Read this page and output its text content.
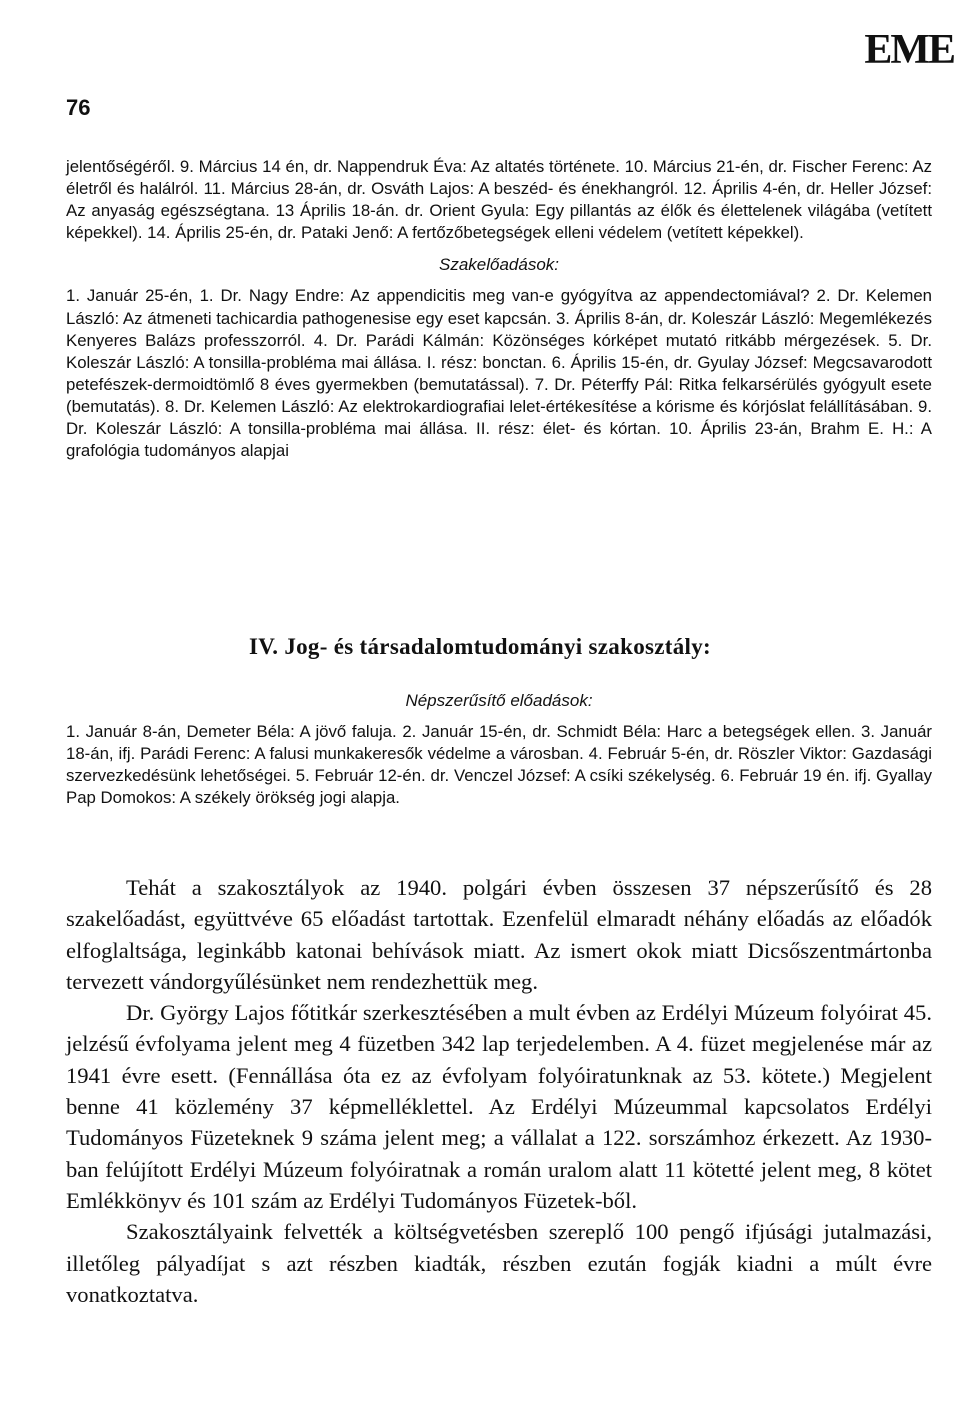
EME
76

jelentőségéről. 9. Március 14 én, dr. Nappendruk Éva: Az altatés története. 10. Március 21-én, dr. Fischer Ferenc: Az életről és halálról. 11. Március 28-án, dr. Osváth Lajos: A beszéd- és énekhangról. 12. Április 4-én, dr. Heller József: Az anyaság egészségtana. 13 Április 18-án. dr. Orient Gyula: Egy pillantás az élők és élettelenek világába (vetített képekkel). 14. Április 25-én, dr. Pataki Jenő: A fertőzőbetegségek elleni védelem (vetített képekkel).

Szakelőadások:

1. Január 25-én, 1. Dr. Nagy Endre: Az appendicitis meg van-e gyógyítva az appendectomiával? 2. Dr. Kelemen László: Az átmeneti tachicardia pathogenesise egy eset kapcsán. 3. Április 8-án, dr. Koleszár László: Megemlékezés Kenyeres Balázs professzorról. 4. Dr. Parádi Kálmán: Közönséges kórképet mutató ritkább mérgezések. 5. Dr. Koleszár László: A tonsilla-probléma mai állása. I. rész: bonctan. 6. Április 15-én, dr. Gyulay József: Megcsavarodott petefészek-dermoidtömlő 8 éves gyermekben (bemutatással). 7. Dr. Péterffy Pál: Ritka felkarsérülés gyógyult esete (bemutatás). 8. Dr. Kelemen László: Az elektrokardiografiai lelet-értékesítése a kórisme és kórjóslat felállításában. 9. Dr. Koleszár László: A tonsilla-probléma mai állása. II. rész: élet- és kórtan. 10. Április 23-án, Brahm E. H.: A grafológia tudományos alapjai

IV. Jog- és társadalomtudományi szakosztály:

Népszerűsítő előadások:

1. Január 8-án, Demeter Béla: A jövő faluja. 2. Január 15-én, dr. Schmidt Béla: Harc a betegségek ellen. 3. Január 18-án, ifj. Parádi Ferenc: A falusi munkakeresők védelme a városban. 4. Február 5-én, dr. Röszler Viktor: Gazdasági szervezkedésünk lehetőségei. 5. Február 12-én. dr. Venczel József: A csíki székelység. 6. Február 19 én. ifj. Gyallay Pap Domokos: A székely örökség jogi alapja.

Tehát a szakosztályok az 1940. polgári évben összesen 37 népszerűsítő és 28 szakelőadást, együttvéve 65 előadást tartottak. Ezenfelül elmaradt néhány előadás az előadók elfoglaltsága, leginkább katonai behívások miatt. Az ismert okok miatt Dicsőszentmártonba tervezett vándorgyűlésünket nem rendezhettük meg.

Dr. György Lajos főtitkár szerkesztésében a mult évben az Erdélyi Múzeum folyóirat 45. jelzésű évfolyama jelent meg 4 füzetben 342 lap terjedelemben. A 4. füzet megjelenése már az 1941 évre esett. (Fennállása óta ez az évfolyam folyóiratunknak az 53. kötete.) Megjelent benne 41 közlemény 37 képmelléklettel. Az Erdélyi Múzeummal kapcsolatos Erdélyi Tudományos Füzeteknek 9 száma jelent meg; a vállalat a 122. sorszámhoz érkezett. Az 1930-ban felújított Erdélyi Múzeum folyóiratnak a román uralom alatt 11 kötetté jelent meg, 8 kötet Emlékkönyv és 101 szám az Erdélyi Tudományos Füzetek-ből.

Szakosztályaink felvették a költségvetésben szereplő 100 pengő ifjúsági jutalmazási, illetőleg pályadíjat s azt részben kiadták, részben ezután fogják kiadni a múlt évre vonatkoztatva.
